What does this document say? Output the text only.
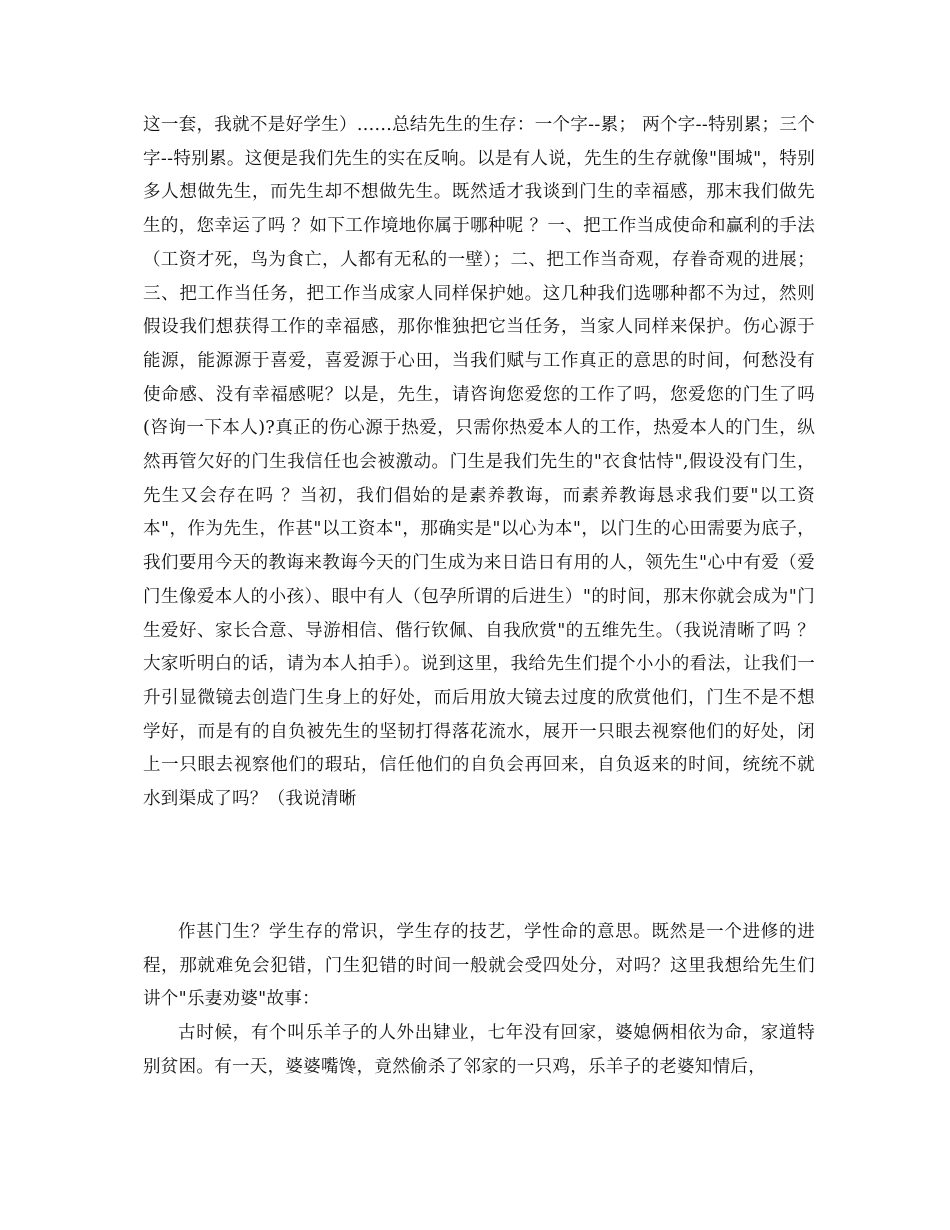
这一套，我就不是好学生）......总结先生的生存：一个字--累； 两个字--特别累；三个字--特别累。这便是我们先生的实在反响。以是有人说，先生的生存就像"围城"，特别多人想做先生，而先生却不想做先生。既然适才我谈到门生的幸福感，那末我们做先生的，您幸运了吗 ？如下工作境地你属于哪种呢 ？一、把工作当成使命和赢利的手法（工资才死，鸟为食亡，人都有无私的一壁）；二、把工作当奇观，存眷奇观的进展；三、把工作当任务，把工作当成家人同样保护她。这几种我们选哪种都不为过，然则假设我们想获得工作的幸福感，那你惟独把它当任务，当家人同样来保护。伤心源于能源，能源源于喜爱，喜爱源于心田，当我们赋与工作真正的意思的时间，何愁没有使命感、没有幸福感呢？以是，先生，请咨询您爱您的工作了吗，您爱您的门生了吗 (咨询一下本人)?真正的伤心源于热爱，只需你热爱本人的工作，热爱本人的门生，纵然再管欠好的门生我信任也会被激动。门生是我们先生的"衣食怙恃",假设没有门生，先生又会存在吗 ？当初，我们倡始的是素养教诲，而素养教诲恳求我们要"以工资本"，作为先生，作甚"以工资本"，那确实是"以心为本"，以门生的心田需要为底子，我们要用今天的教诲来教诲今天的门生成为来日诰日有用的人，领先生"心中有爱（爱门生像爱本人的小孩）、眼中有人（包孕所谓的后进生）"的时间，那末你就会成为"门生爱好、家长合意、导游相信、偕行钦佩、自我欣赏"的五维先生。（我说清晰了吗 ？大家听明白的话，请为本人拍手）。说到这里，我给先生们提个小小的看法，让我们一升引显微镜去创造门生身上的好处，而后用放大镜去过度的欣赏他们，门生不是不想学好，而是有的自负被先生的坚韧打得落花流水，展开一只眼去视察他们的好处，闭上一只眼去视察他们的瑕玷，信任他们的自负会再回来，自负返来的时间，统统不就水到渠成了吗？（我说清晰

作甚门生？学生存的常识，学生存的技艺，学性命的意思。既然是一个进修的进程，那就难免会犯错，门生犯错的时间一般就会受四处分，对吗？这里我想给先生们讲个"乐妻劝婆"故事：

古时候，有个叫乐羊子的人外出肄业，七年没有回家，婆媳俩相依为命，家道特别贫困。有一天，婆婆嘴馋，竟然偷杀了邻家的一只鸡，乐羊子的老婆知情后，
